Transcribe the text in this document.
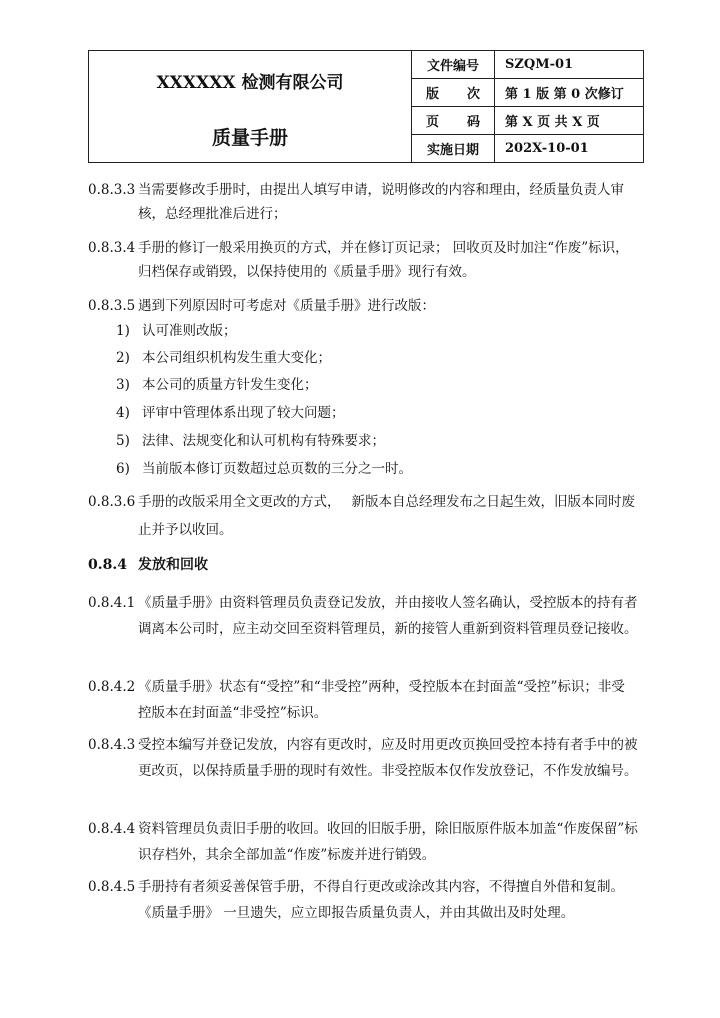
XXXXXX 检测有限公司
质量手册	文件编号	SZQM-01

	版 次	第 1 版 第 0 次修订

	页 码	第 X 页 共 X 页
	实施日期	202X-10-01
0.8.3.3 当需要修改手册时，由提出人填写申请，说明修改的内容和理由，经质量负责人审核，总经理批准后进行；
0.8.3.4 手册的修订一般采用换页的方式，并在修订页记录； 回收页及时加注“作废”标识，归档保存或销毁，以保持使用的《质量手册》现行有效。
0.8.3.5 遇到下列原因时可考虑对《质量手册》进行改版：
1) 认可准则改版；
2) 本公司组织机构发生重大变化；
3) 本公司的质量方针发生变化；
4) 评审中管理体系出现了较大问题；
5) 法律、法规变化和认可机构有特殊要求；
6) 当前版本修订页数超过总页数的三分之一时。
0.8.3.6 手册的改版采用全文更改的方式，　 新版本自总经理发布之日起生效，旧版本同时废止并予以收回。
0.8.4 发放和回收
0.8.4.1 《质量手册》由资料管理员负责登记发放，并由接收人签名确认，受控版本的持有者调离本公司时，应主动交回至资料管理员，新的接管人重新到资料管理员登记接收。
0.8.4.2 《质量手册》状态有“受控”和“非受控”两种，受控版本在封面盖“受控”标识；非受控版本在封面盖“非受控”标识。
0.8.4.3 受控本编写并登记发放，内容有更改时，应及时用更改页换回受控本持有者手中的被更改页，以保持质量手册的现时有效性。非受控版本仅作发放登记，不作发放编号。
0.8.4.4 资料管理员负责旧手册的收回。收回的旧版手册，除旧版原件版本加盖“作废保留”标识存档外，其余全部加盖“作废”标废并进行销毁。
0.8.4.5 手册持有者须妥善保管手册，不得自行更改或涂改其内容，不得擅自外借和复制。《质量手册》 一旦遗失，应立即报告质量负责人，并由其做出及时处理。
